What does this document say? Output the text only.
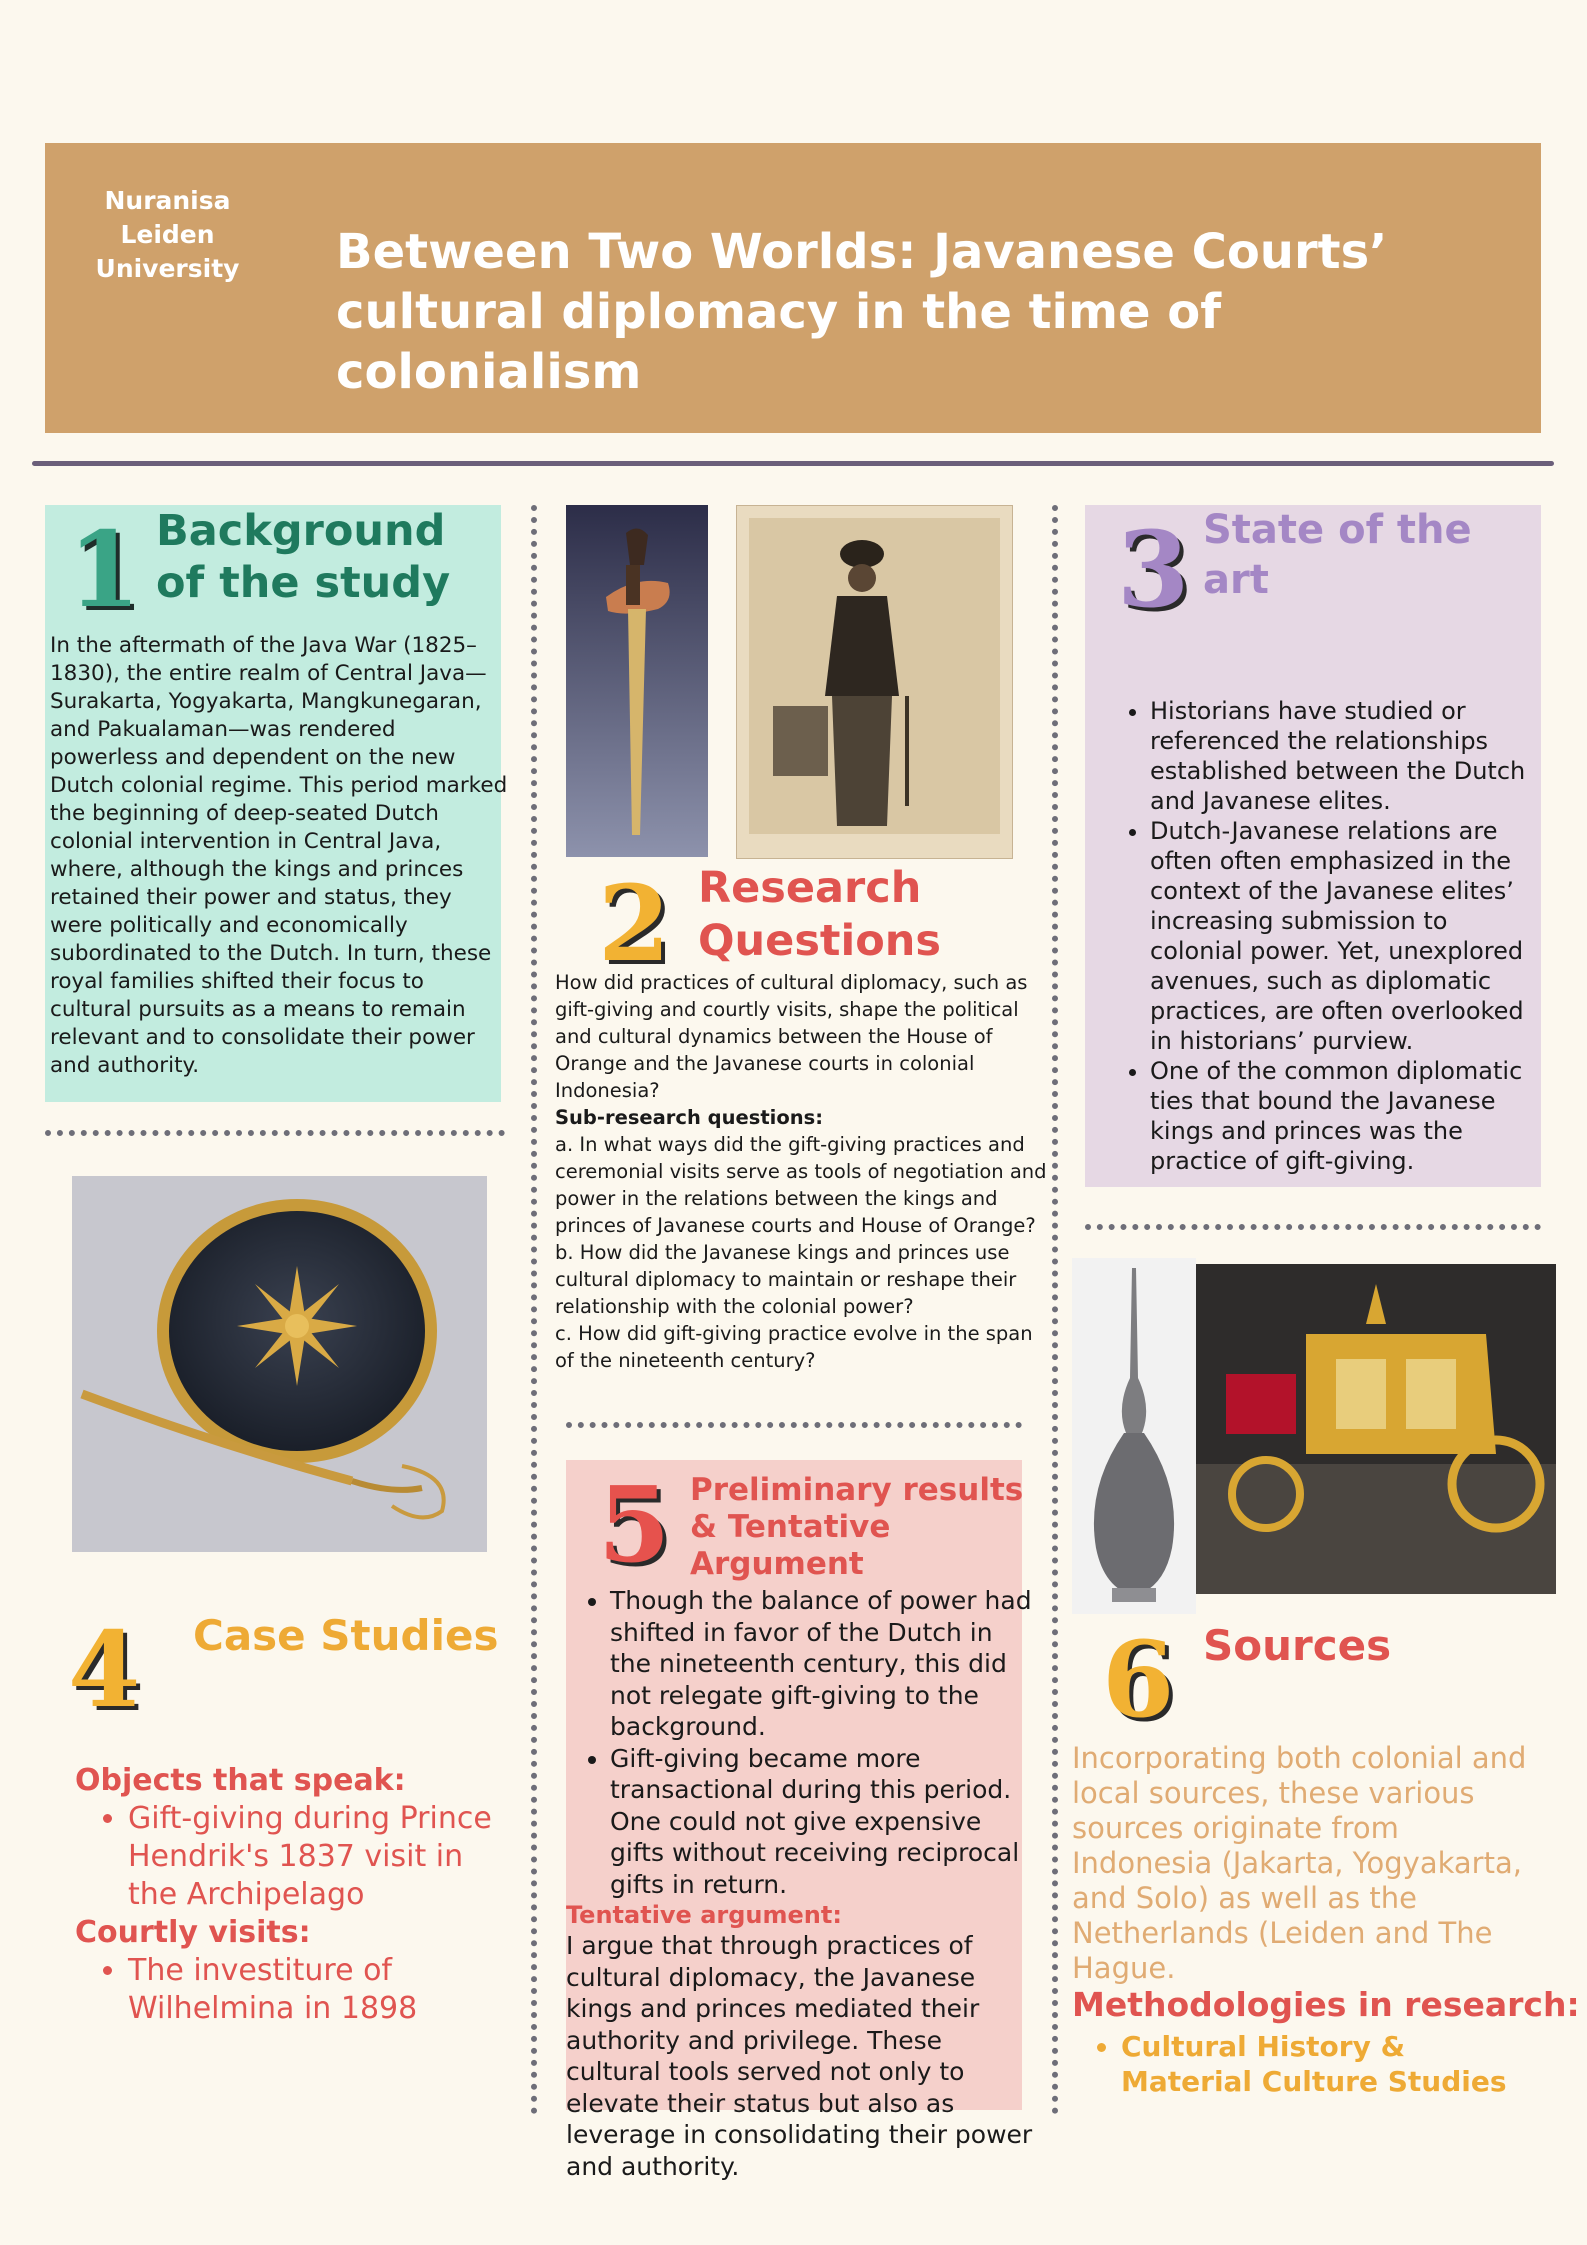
Nuranisa
Leiden
University	Between Two Worlds: Javanese Courts’
cultural diplomacy in the time of colonialism
1 Background
of the study
In the aftermath of the Java War (1825–1830), the entire realm of Central Java—Surakarta, Yogyakarta, Mangkunegaran, and Pakualaman—was rendered powerless and dependent on the new Dutch colonial regime. This period marked the beginning of deep-seated Dutch colonial intervention in Central Java, where, although the kings and princes retained their power and status, they were politically and economically subordinated to the Dutch. In turn, these royal families shifted their focus to cultural pursuits as a means to remain relevant and to consolidate their power and authority.
2 Research
Questions
How did practices of cultural diplomacy, such as gift-giving and courtly visits, shape the political and cultural dynamics between the House of Orange and the Javanese courts in colonial Indonesia?
Sub-research questions:
a. In what ways did the gift-giving practices and ceremonial visits serve as tools of negotiation and power in the relations between the kings and princes of Javanese courts and House of Orange?
b. How did the Javanese kings and princes use cultural diplomacy to maintain or reshape their relationship with the colonial power?
c. How did gift-giving practice evolve in the span of the nineteenth century?
3 State of the
art
• Historians have studied or referenced the relationships established between the Dutch and Javanese elites.
• Dutch-Javanese relations are often often emphasized in the context of the Javanese elites’ increasing submission to colonial power. Yet, unexplored avenues, such as diplomatic practices, are often overlooked in historians’ purview.
• One of the common diplomatic ties that bound the Javanese kings and princes was the practice of gift-giving.
4 Case Studies
Objects that speak:
• Gift-giving during Prince Hendrik's 1837 visit in the Archipelago
Courtly visits:
• The investiture of Wilhelmina in 1898
5 Preliminary results
& Tentative
Argument
• Though the balance of power had shifted in favor of the Dutch in the nineteenth century, this did not relegate gift-giving to the background.
• Gift-giving became more transactional during this period. One could not give expensive gifts without receiving reciprocal gifts in return.
Tentative argument:
I argue that through practices of cultural diplomacy, the Javanese kings and princes mediated their authority and privilege. These cultural tools served not only to elevate their status but also as leverage in consolidating their power and authority.
6 Sources
Incorporating both colonial and local sources, these various sources originate from Indonesia (Jakarta, Yogyakarta, and Solo) as well as the Netherlands (Leiden and The Hague.
Methodologies in research:
• Cultural History & Material Culture Studies
